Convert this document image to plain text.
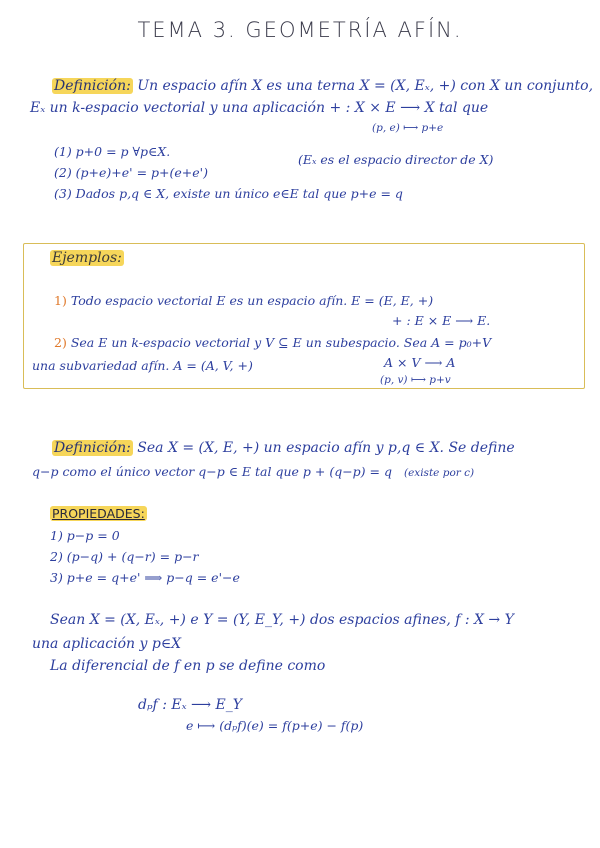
TEMA 3. GEOMETRÍA AFÍN.
Definición: Un espacio afín X es una terna X = (X, Eₓ, +) con X un conjunto,
Eₓ un k-espacio vectorial y una aplicación + : X × E ⟶ X tal que
(p, e) ⟼ p+e
(1) p+0 = p ∀p∈X.
(Eₓ es el espacio director de X)
(2) (p+e)+e' = p+(e+e')
(3) Dados p,q ∈ X, existe un único e∈E tal que p+e = q
Ejemplos:
1) Todo espacio vectorial E es un espacio afín. E = (E, E, +)
+ : E × E ⟶ E.
2) Sea E un k-espacio vectorial y V ⊆ E un subespacio. Sea A = p₀+V
una subvariedad afín. A = (A, V, +)	A × V ⟶ A
(p, v) ⟼ p+v
Definición: Sea X = (X, E, +) un espacio afín y p,q ∈ X. Se define
q−p como el único vector q−p ∈ E tal que p + (q−p) = q (existe por c)
PROPIEDADES:
1) p−p = 0
2) (p−q) + (q−r) = p−r
3) p+e = q+e' ⟹ p−q = e'−e
Sean X = (X, Eₓ, +) e Y = (Y, E_Y, +) dos espacios afines, f : X → Y
una aplicación y p∈X
La diferencial de f en p se define como
dₚf : Eₓ ⟶ E_Y
e ⟼ (dₚf)(e) = f(p+e) − f(p)
